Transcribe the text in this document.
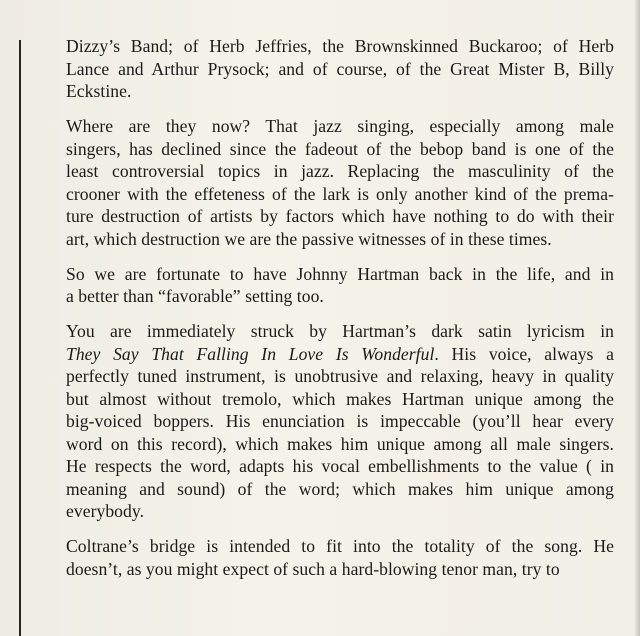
Dizzy’s Band; of Herb Jeffries, the Brownskinned Buckaroo; of Herb Lance and Arthur Prysock; and of course, of the Great Mister B, Billy Eckstine.

Where are they now? That jazz singing, especially among male singers, has declined since the fadeout of the bebop band is one of the least controversial topics in jazz. Replacing the masculinity of the crooner with the effeteness of the lark is only another kind of the prema- ture destruction of artists by factors which have nothing to do with their art, which destruction we are the passive witnesses of in these times.

So we are fortunate to have Johnny Hartman back in the life, and in a better than “favorable” setting too.

You are immediately struck by Hartman’s dark satin lyricism in They Say That Falling In Love Is Wonderful. His voice, always a perfectly tuned instrument, is unobtrusive and relaxing, heavy in quality but almost without tremolo, which makes Hartman unique among the big-voiced boppers. His enunciation is impeccable (you’ll hear every word on this record), which makes him unique among all male singers. He respects the word, adapts his vocal embellishments to the value ( in meaning and sound) of the word; which makes him unique among everybody.

Coltrane’s bridge is intended to fit into the totality of the song. He doesn’t, as you might expect of such a hard-blowing tenor man, try to
